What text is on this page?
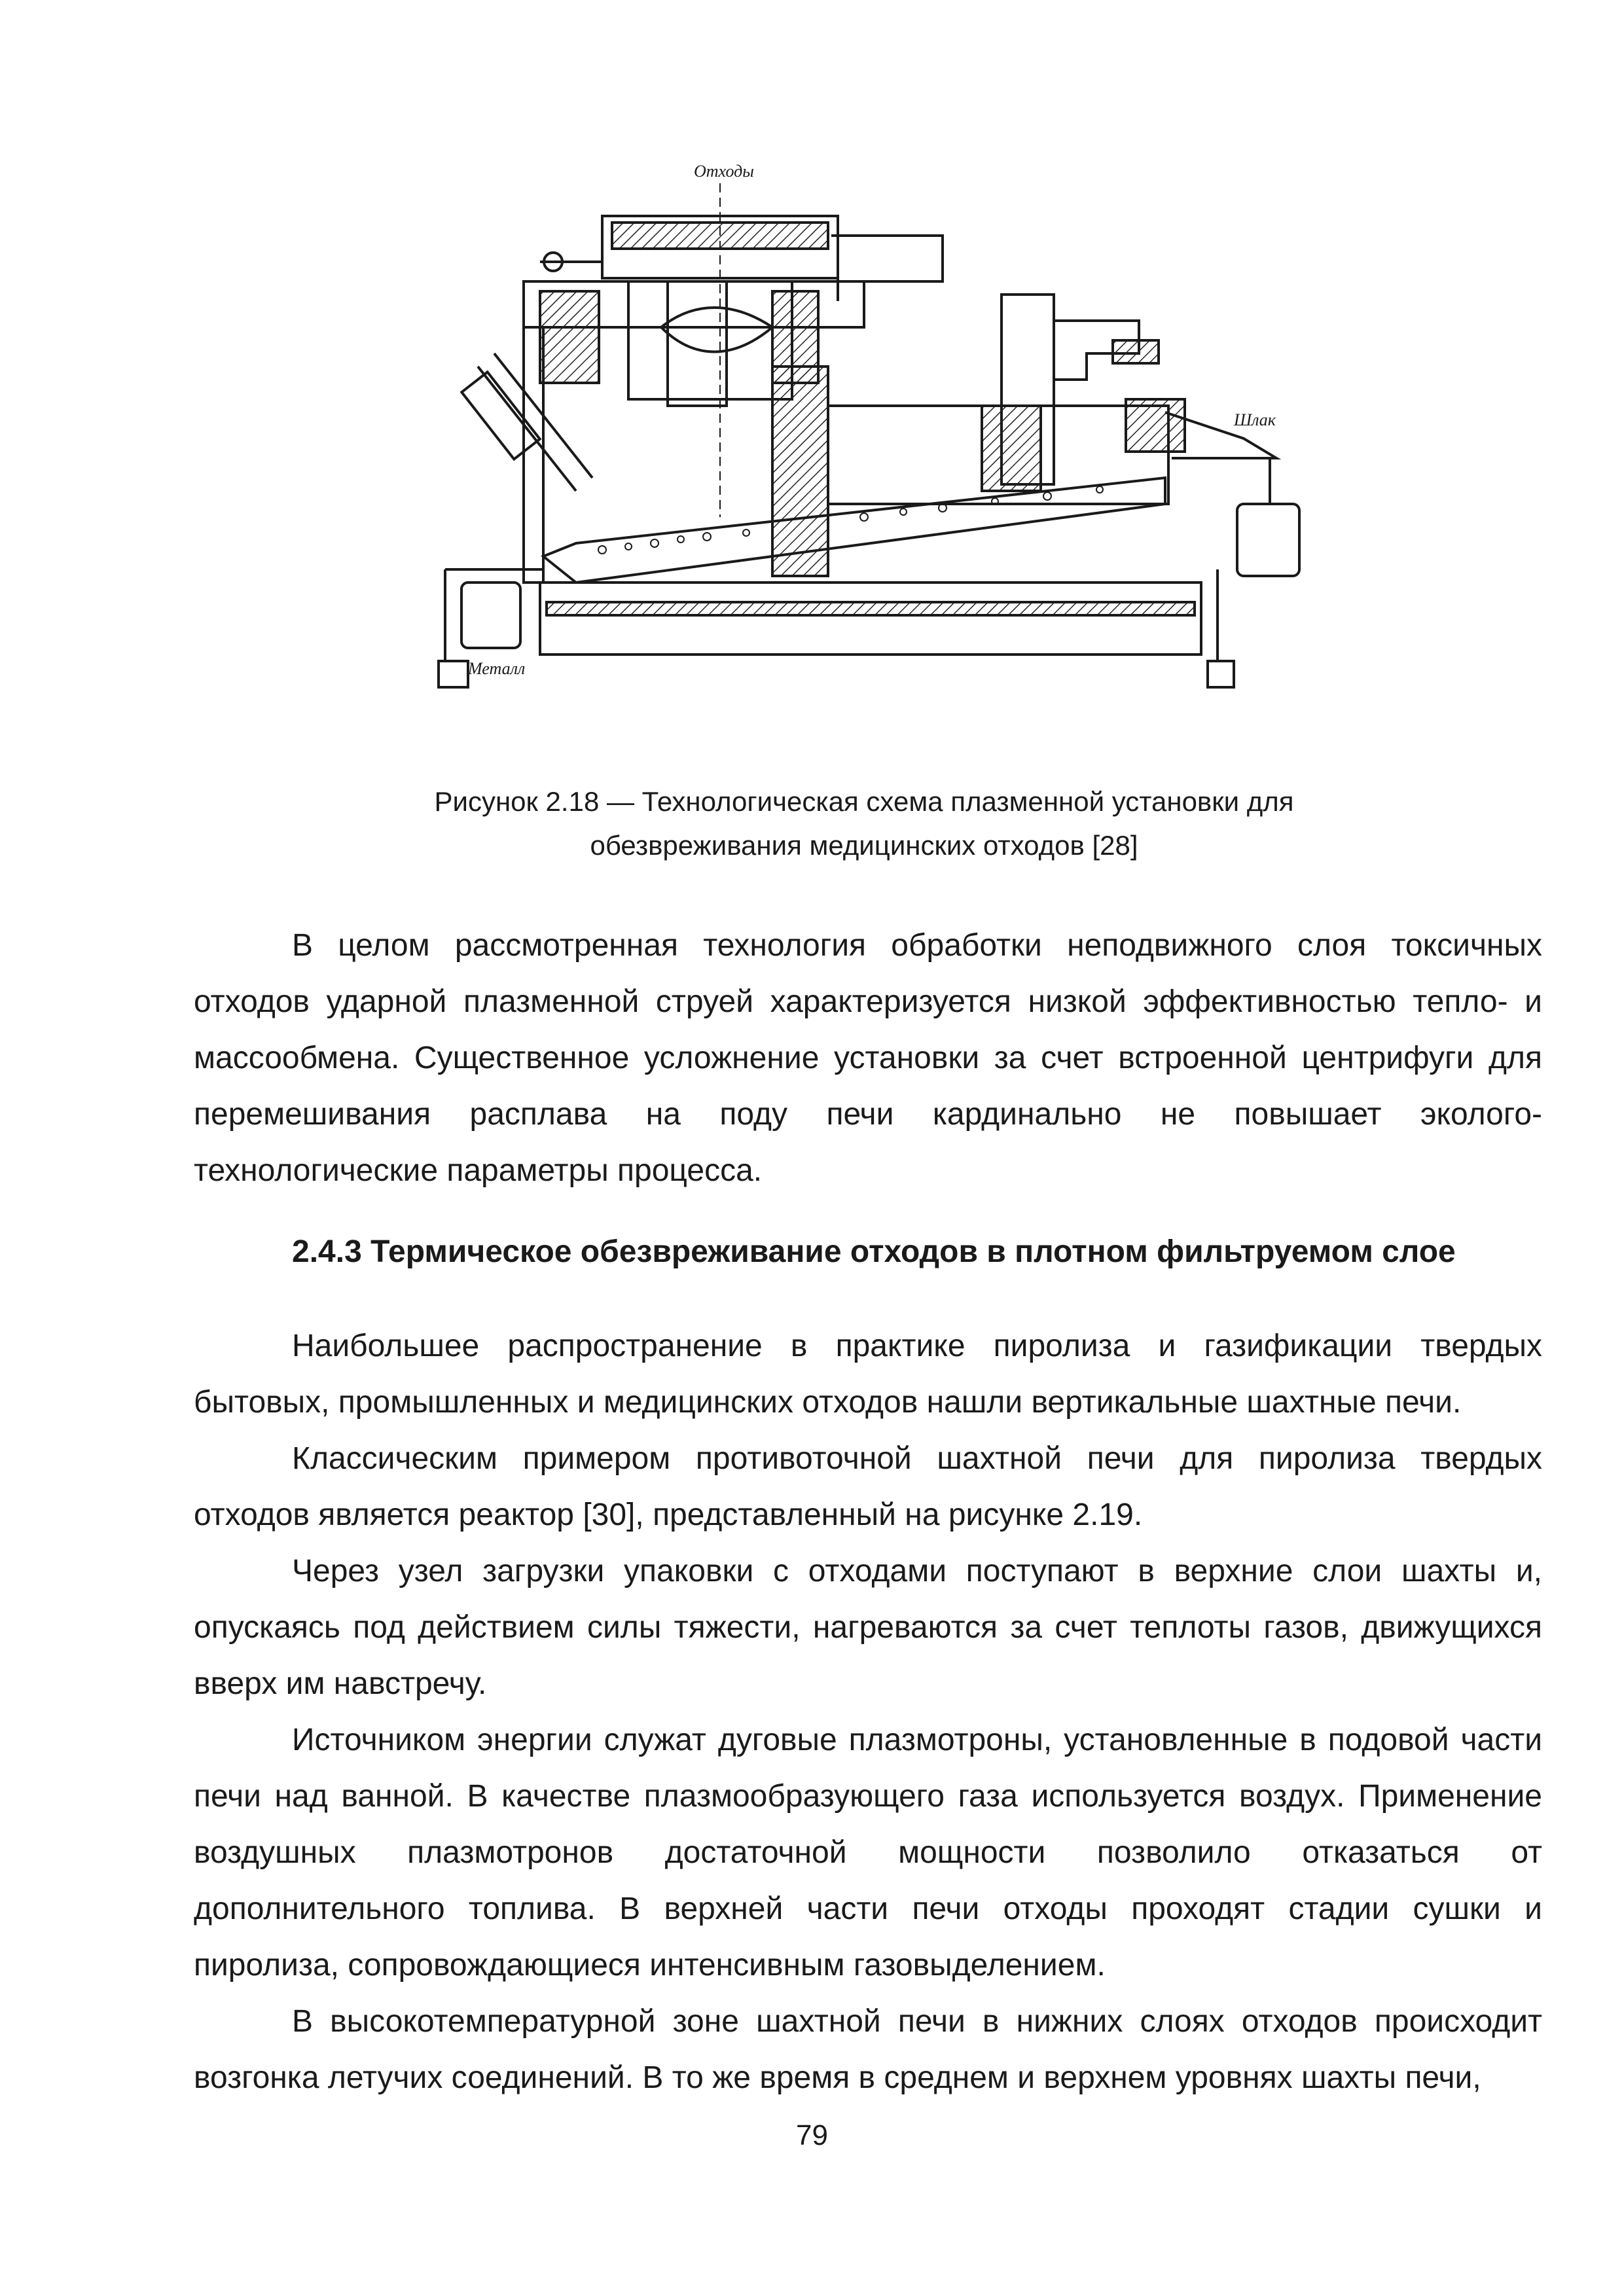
Отходы
Шлак
Металл
Рисунок 2.18 — Технологическая схема плазменной установки для
обезвреживания медицинских отходов [28]

В целом рассмотренная технология обработки неподвижного слоя токсичных отходов ударной плазменной струей характеризуется низкой эффективностью тепло- и массообмена. Существенное усложнение установки за счет встроенной центрифуги для перемешивания расплава на поду печи кардинально не повышает эколого-технологические параметры процесса.

2.4.3 Термическое обезвреживание отходов в плотном фильтруемом слое

Наибольшее распространение в практике пиролиза и газификации твердых бытовых, промышленных и медицинских отходов нашли вертикальные шахтные печи.

Классическим примером противоточной шахтной печи для пиролиза твердых отходов является реактор [30], представленный на рисунке 2.19.

Через узел загрузки упаковки с отходами поступают в верхние слои шахты и, опускаясь под действием силы тяжести, нагреваются за счет теплоты газов, движущихся вверх им навстречу.

Источником энергии служат дуговые плазмотроны, установленные в подовой части печи над ванной. В качестве плазмообразующего газа используется воздух. Применение воздушных плазмотронов достаточной мощности позволило отказаться от дополнительного топлива. В верхней части печи отходы проходят стадии сушки и пиролиза, сопровождающиеся интенсивным газовыделением.

В высокотемпературной зоне шахтной печи в нижних слоях отходов происходит возгонка летучих соединений. В то же время в среднем и верхнем уровнях шахты печи,

79
